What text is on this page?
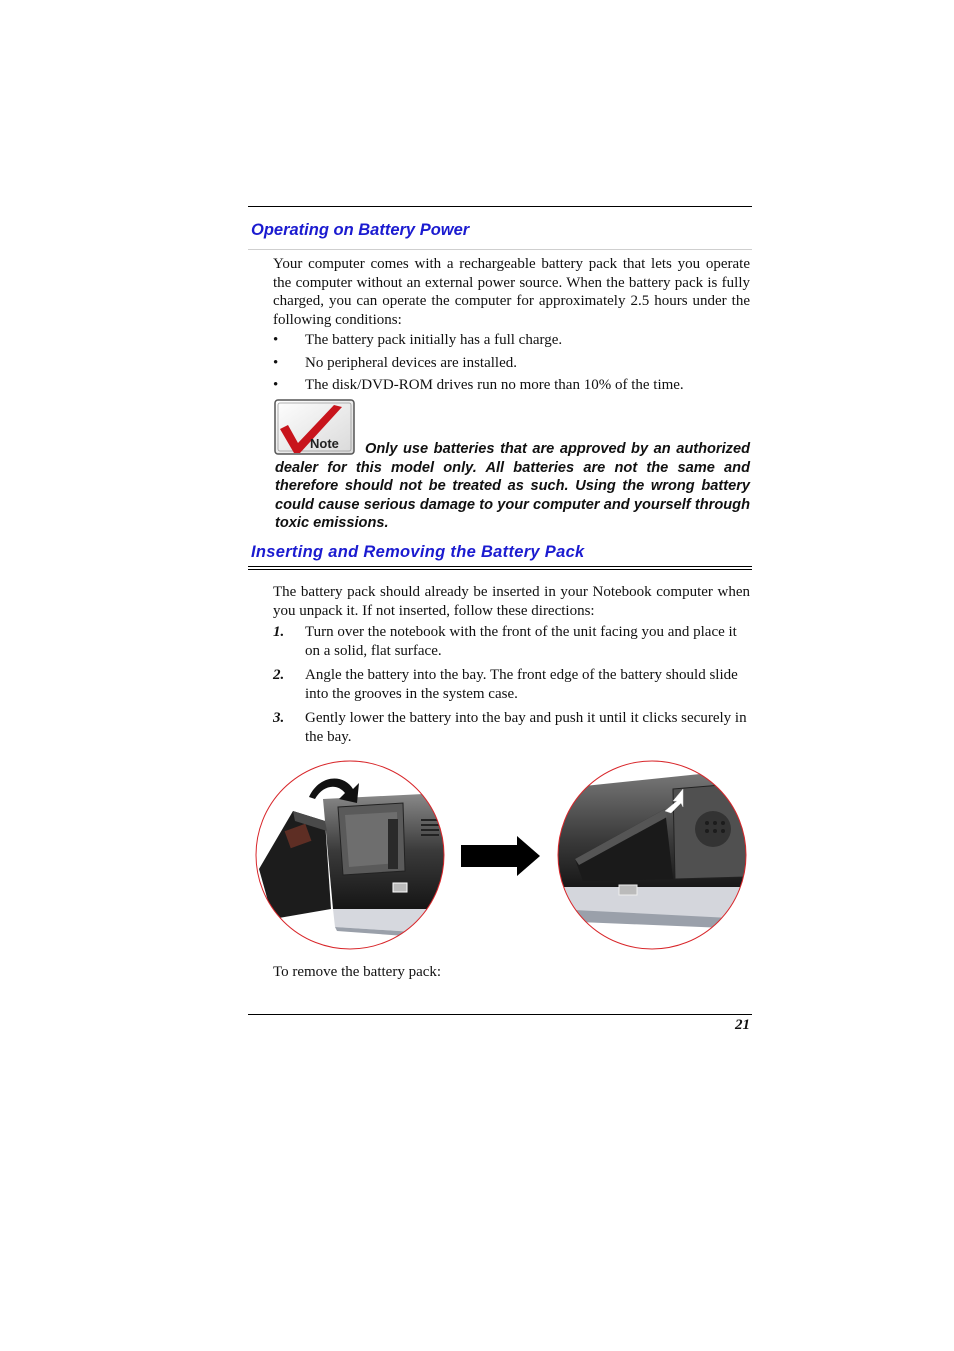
Operating on Battery Power

Your computer comes with a rechargeable battery pack that lets you operate the computer without an external power source. When the battery pack is fully charged, you can operate the computer for approximately 2.5 hours under the following conditions:

• The battery pack initially has a full charge.
• No peripheral devices are installed.
• The disk/DVD-ROM drives run no more than 10% of the time.
Note	Only use batteries that are approved by an authorized dealer for this model only. All batteries are not the same and therefore should not be treated as such. Using the wrong battery could cause serious damage to your computer and yourself through toxic emissions.

Inserting and Removing the Battery Pack

The battery pack should already be inserted in your Notebook computer when you unpack it. If not inserted, follow these directions:

1. Turn over the notebook with the front of the unit facing you and place it on a solid, flat surface.
2. Angle the battery into the bay. The front edge of the battery should slide into the grooves in the system case.
3. Gently lower the battery into the bay and push it until it clicks securely in the bay.

To remove the battery pack:

21
